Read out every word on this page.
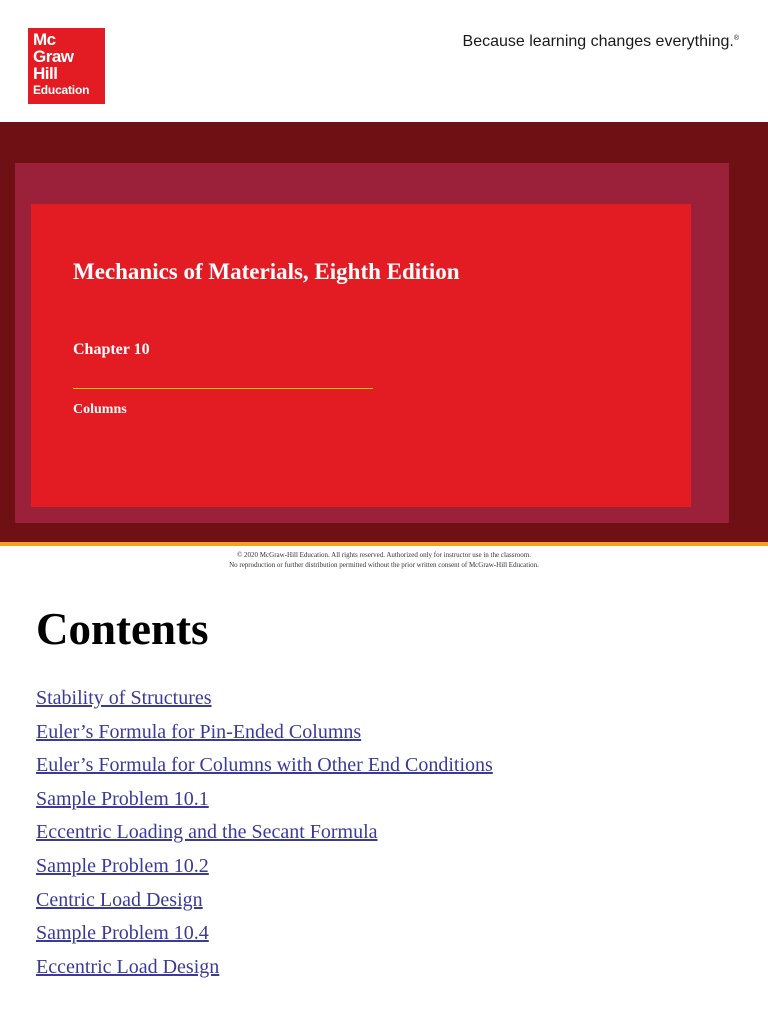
Mc
Graw
Hill
Education
Because learning changes everything.®
Mechanics of Materials, Eighth Edition
Chapter 10
Columns
© 2020 McGraw-Hill Education. All rights reserved. Authorized only for instructor use in the classroom.
No reproduction or further distribution permitted without the prior written consent of McGraw-Hill Education.
Contents
Stability of Structures
Euler’s Formula for Pin-Ended Columns
Euler’s Formula for Columns with Other End Conditions
Sample Problem 10.1
Eccentric Loading and the Secant Formula
Sample Problem 10.2
Centric Load Design
Sample Problem 10.4
Eccentric Load Design
